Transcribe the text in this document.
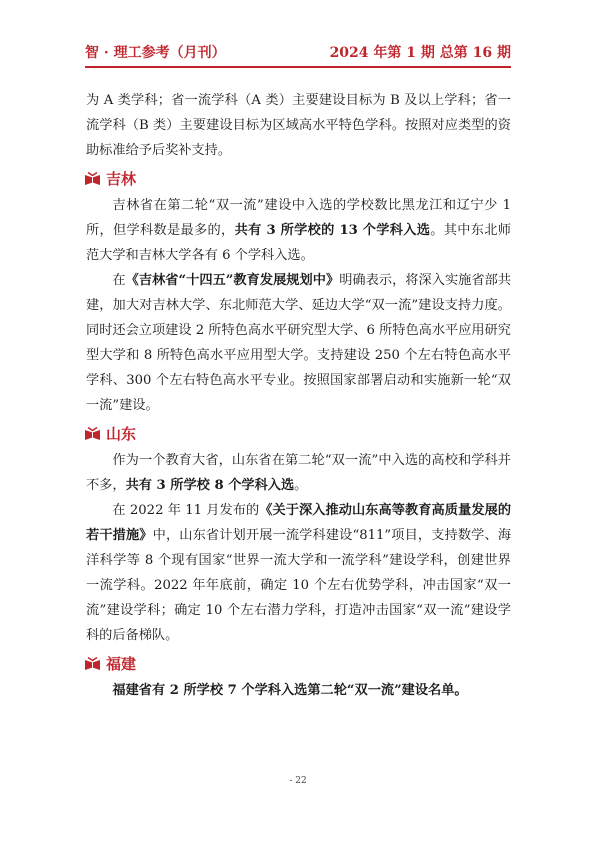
智 · 理工参考（月刊）	2024 年第 1 期 总第 16 期

为 A 类学科；省一流学科（A 类）主要建设目标为 B 及以上学科；省一流学科（B 类）主要建设目标为区域高水平特色学科。按照对应类型的资助标准给予后奖补支持。

吉林

吉林省在第二轮“双一流”建设中入选的学校数比黑龙江和辽宁少 1 所，但学科数是最多的，共有 3 所学校的 13 个学科入选。其中东北师范大学和吉林大学各有 6 个学科入选。

在《吉林省“十四五”教育发展规划中》明确表示，将深入实施省部共建，加大对吉林大学、东北师范大学、延边大学“双一流”建设支持力度。同时还会立项建设 2 所特色高水平研究型大学、6 所特色高水平应用研究型大学和 8 所特色高水平应用型大学。支持建设 250 个左右特色高水平学科、300 个左右特色高水平专业。按照国家部署启动和实施新一轮“双一流”建设。

山东

作为一个教育大省，山东省在第二轮“双一流”中入选的高校和学科并不多，共有 3 所学校 8 个学科入选。

在 2022 年 11 月发布的《关于深入推动山东高等教育高质量发展的若干措施》中，山东省计划开展一流学科建设“811”项目，支持数学、海洋科学等 8 个现有国家“世界一流大学和一流学科”建设学科，创建世界一流学科。2022 年年底前，确定 10 个左右优势学科，冲击国家“双一流”建设学科；确定 10 个左右潜力学科，打造冲击国家“双一流”建设学科的后备梯队。

福建

福建省有 2 所学校 7 个学科入选第二轮“双一流”建设名单。

- 22
